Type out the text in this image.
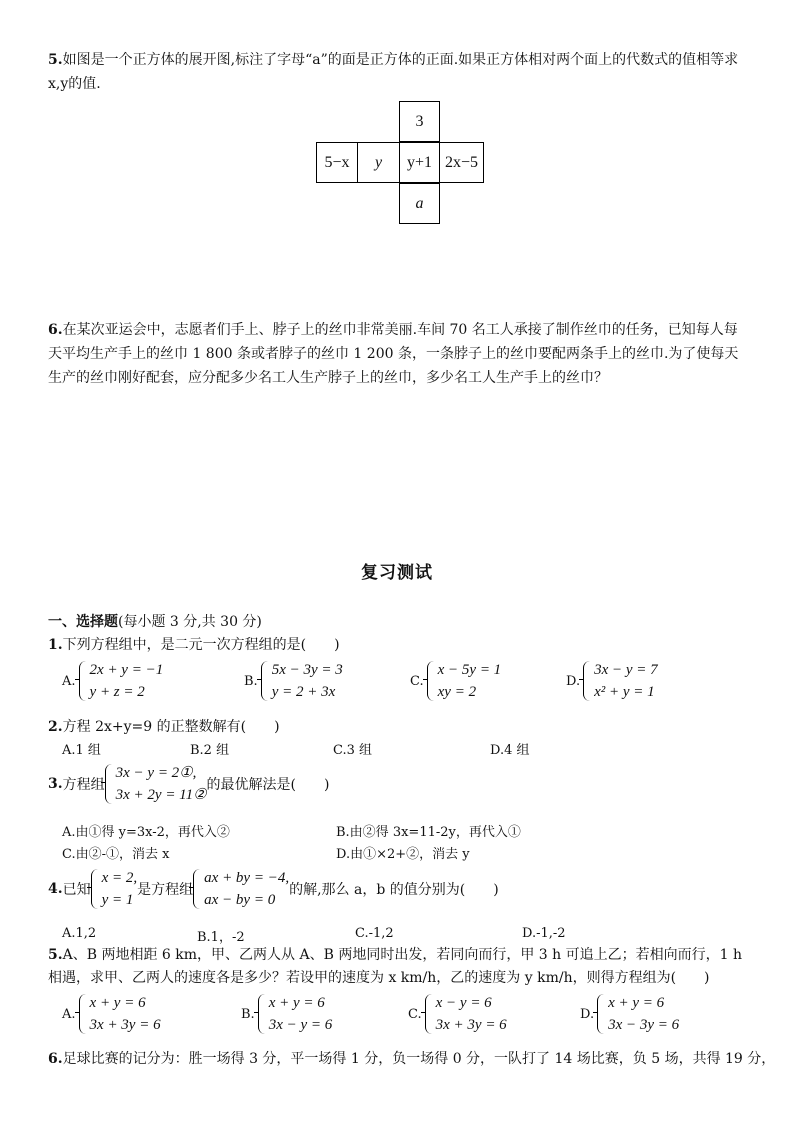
5.如图是一个正方体的展开图,标注了字母“a”的面是正方体的正面.如果正方体相对两个面上的代数式的值相等求x,y的值.
3
5−x	y	y+1 2x−5
a
6.在某次亚运会中，志愿者们手上、脖子上的丝巾非常美丽.车间 70 名工人承接了制作丝巾的任务，已知每人每天平均生产手上的丝巾 1 800 条或者脖子的丝巾 1 200 条，一条脖子上的丝巾要配两条手上的丝巾.为了使每天生产的丝巾刚好配套，应分配多少名工人生产脖子上的丝巾，多少名工人生产手上的丝巾？
复习测试
一、选择题(每小题 3 分,共 30 分)
1.下列方程组中，是二元一次方程组的是(　　)
A.
2x + y = −1
y + z = 2
B.
5x − 3y = 3
y = 2 + 3x
C.
x − 5y = 1
xy = 2
D.
3x − y = 7
x² + y = 1
2.方程 2x+y=9 的正整数解有(　　)
A.1 组	B.2 组	C.3 组	D.4 组
3. 方程组
3x − y = 2①,
3x + 2y = 11②
的最优解法是(　　)
A.由①得 y=3x-2，再代入②	B.由②得 3x=11-2y，再代入①
C.由②-①，消去 x	D.由①×2+②，消去 y
4. 已知
x = 2,
y = 1
是方程组
ax + by = −4,
ax − by = 0
的解,那么 a，b 的值分别为(　　)
A.1,2	B.1，-2	C.-1,2	D.-1,-2
5.A、B 两地相距 6 km，甲、乙两人从 A、B 两地同时出发，若同向而行，甲 3 h 可追上乙；若相向而行，1 h 相遇，求甲、乙两人的速度各是多少？若设甲的速度为 x km/h，乙的速度为 y km/h，则得方程组为(　　)
A.
x + y = 6
3x + 3y = 6
B.
x + y = 6
3x − y = 6
C.
x − y = 6
3x + 3y = 6
D.
x + y = 6
3x − 3y = 6
6.足球比赛的记分为：胜一场得 3 分，平一场得 1 分，负一场得 0 分，一队打了 14 场比赛，负 5 场，共得 19 分，
